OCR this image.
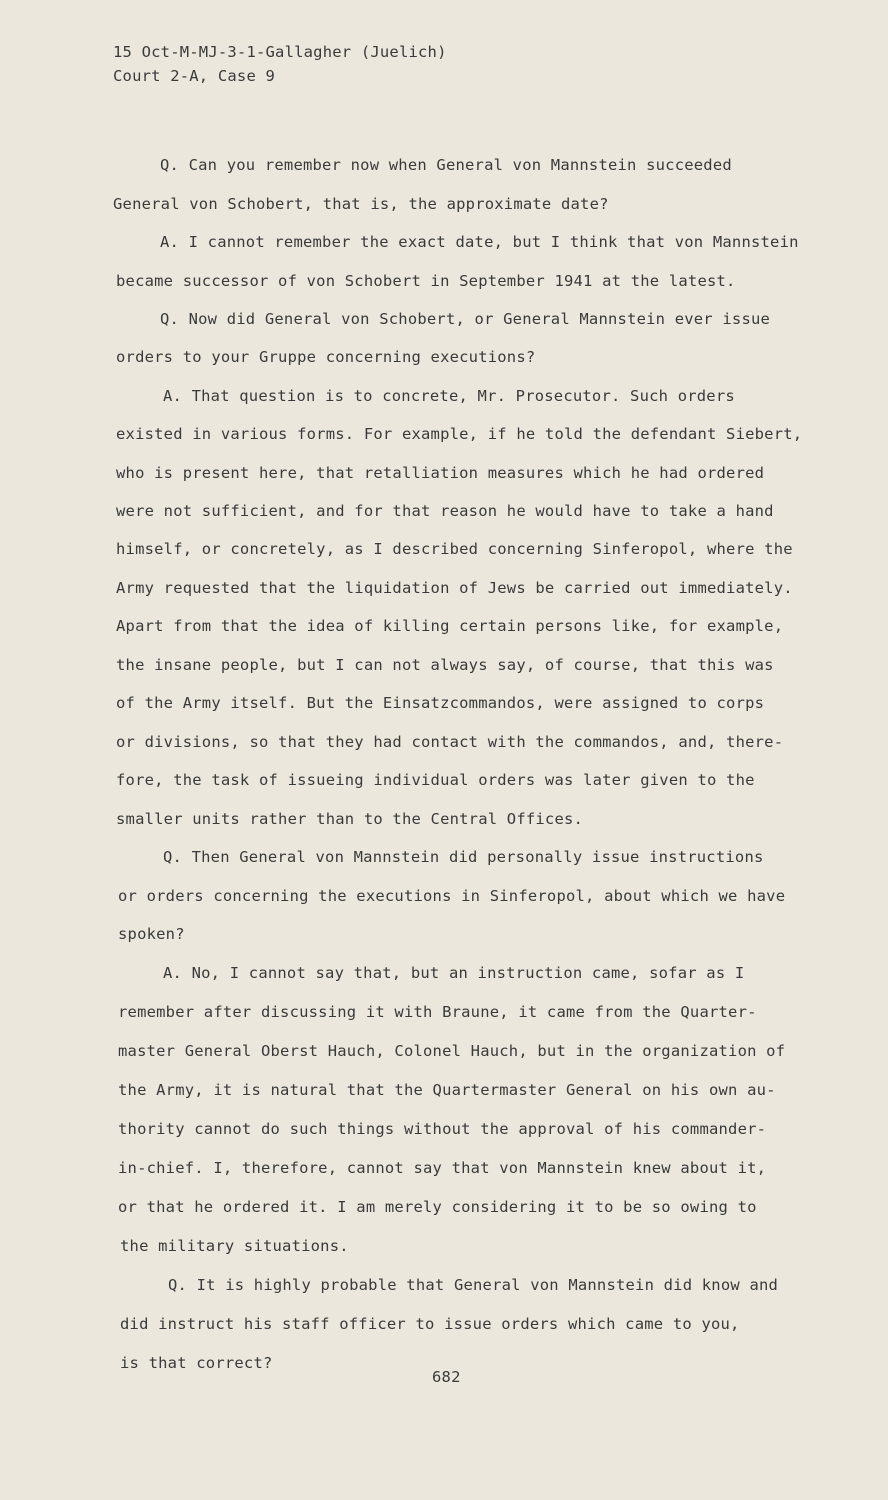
15 Oct-M-MJ-3-1-Gallagher (Juelich)
Court 2-A, Case 9
Q. Can you remember now when General von Mannstein succeeded
General von Schobert, that is, the approximate date?
A. I cannot remember the exact date, but I think that von Mannstein
became successor of von Schobert in September 1941 at the latest.
Q. Now did General von Schobert, or General Mannstein ever issue
orders to your Gruppe concerning executions?
A. That question is to concrete, Mr. Prosecutor. Such orders
existed in various forms. For example, if he told the defendant Siebert,
who is present here, that retalliation measures which he had ordered
were not sufficient, and for that reason he would have to take a hand
himself, or concretely, as I described concerning Sinferopol, where the
Army requested that the liquidation of Jews be carried out immediately.
Apart from that the idea of killing certain persons like, for example,
the insane people, but I can not always say, of course, that this was
of the Army itself. But the Einsatzcommandos, were assigned to corps
or divisions, so that they had contact with the commandos, and, there-
fore, the task of issueing individual orders was later given to the
smaller units rather than to the Central Offices.
Q. Then General von Mannstein did personally issue instructions
or orders concerning the executions in Sinferopol, about which we have
spoken?
A. No, I cannot say that, but an instruction came, sofar as I
remember after discussing it with Braune, it came from the Quarter-
master General Oberst Hauch, Colonel Hauch, but in the organization of
the Army, it is natural that the Quartermaster General on his own au-
thority cannot do such things without the approval of his commander-
in-chief. I, therefore, cannot say that von Mannstein knew about it,
or that he ordered it. I am merely considering it to be so owing to
the military situations.
Q. It is highly probable that General von Mannstein did know and
did instruct his staff officer to issue orders which came to you,
is that correct?
682
